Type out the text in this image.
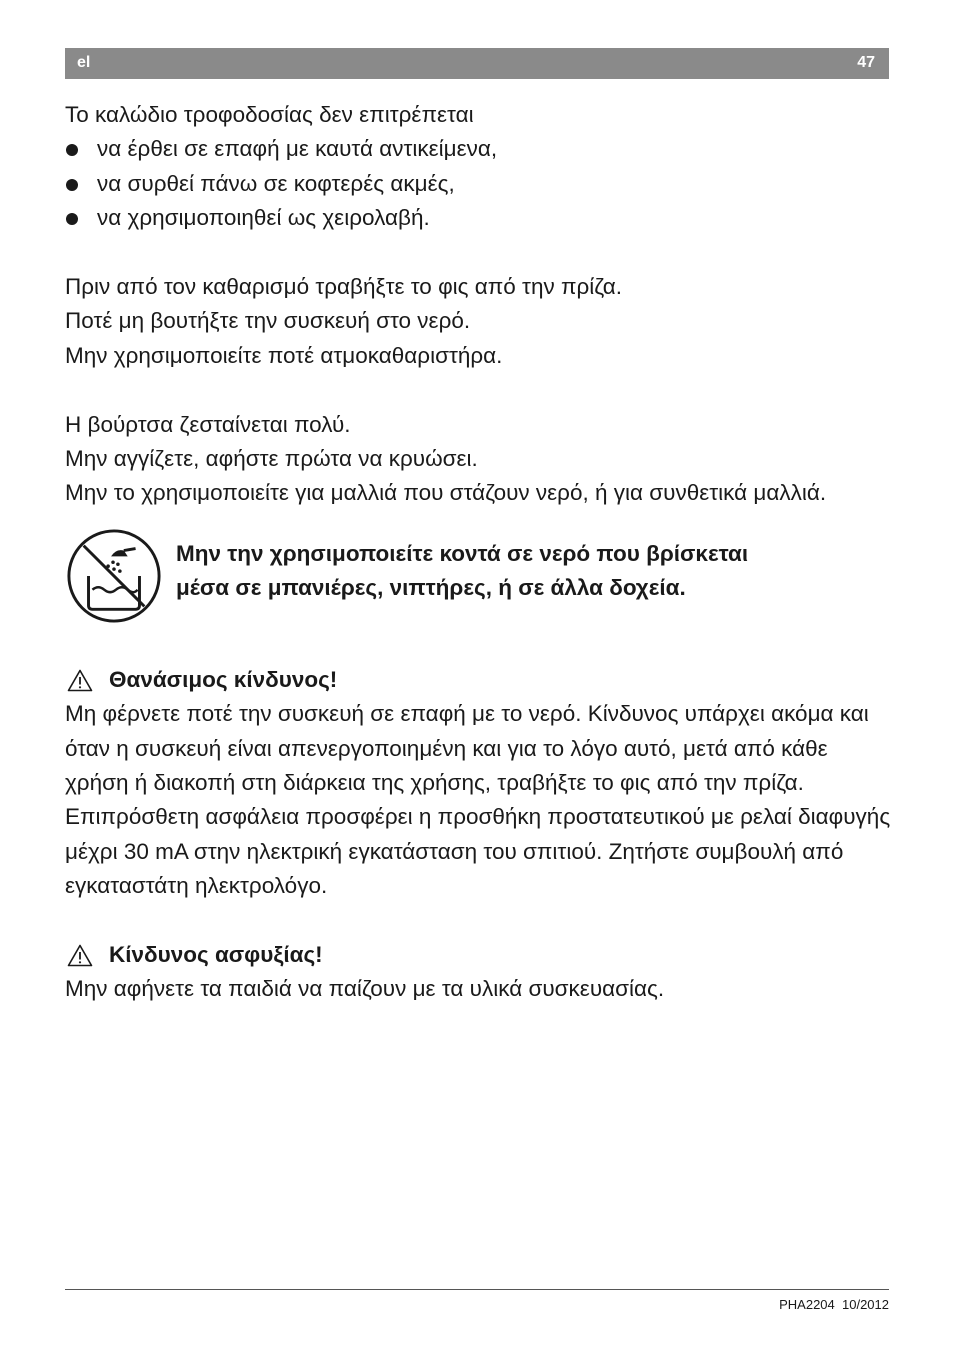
el	47

Το καλώδιο τροφοδοσίας δεν επιτρέπεται

να έρθει σε επαφή με καυτά αντικείμενα,
να συρθεί πάνω σε κοφτερές ακμές,
να χρησιμοποιηθεί ως χειρολαβή.

Πριν από τον καθαρισμό τραβήξτε το φις από την πρίζα.

Ποτέ μη βουτήξτε την συσκευή στο νερό.

Μην χρησιμοποιείτε ποτέ ατμοκαθαριστήρα.

Η βούρτσα ζεσταίνεται πολύ.

Μην αγγίζετε, αφήστε πρώτα να κρυώσει.

Μην το χρησιμοποιείτε για μαλλιά που στάζουν νερό, ή για συνθετικά μαλλιά.

Μην την χρησιμοποιείτε κοντά σε νερό που βρίσκεται
μέσα σε μπανιέρες, νιπτήρες, ή σε άλλα δοχεία.
Θανάσιμος κίνδυνος!

Μη φέρνετε ποτέ την συσκευή σε επαφή με το νερό. Κίνδυνος υπάρχει ακόμα και όταν η συσκευή είναι απενεργοποιημένη και για το λόγο αυτό, μετά από κάθε χρήση ή διακοπή στη διάρκεια της χρήσης, τραβήξτε το φις από την πρίζα.

Επιπρόσθετη ασφάλεια προσφέρει η προσθήκη προστατευτικού με ρελαί διαφυγής μέχρι 30 mA στην ηλεκτρική εγκατάσταση του σπιτιού. Ζητήστε συμβουλή από εγκαταστάτη ηλεκτρολόγο.

Κίνδυνος ασφυξίας!

Μην αφήνετε τα παιδιά να παίζουν με τα υλικά συσκευασίας.

PHA2204 10/2012
